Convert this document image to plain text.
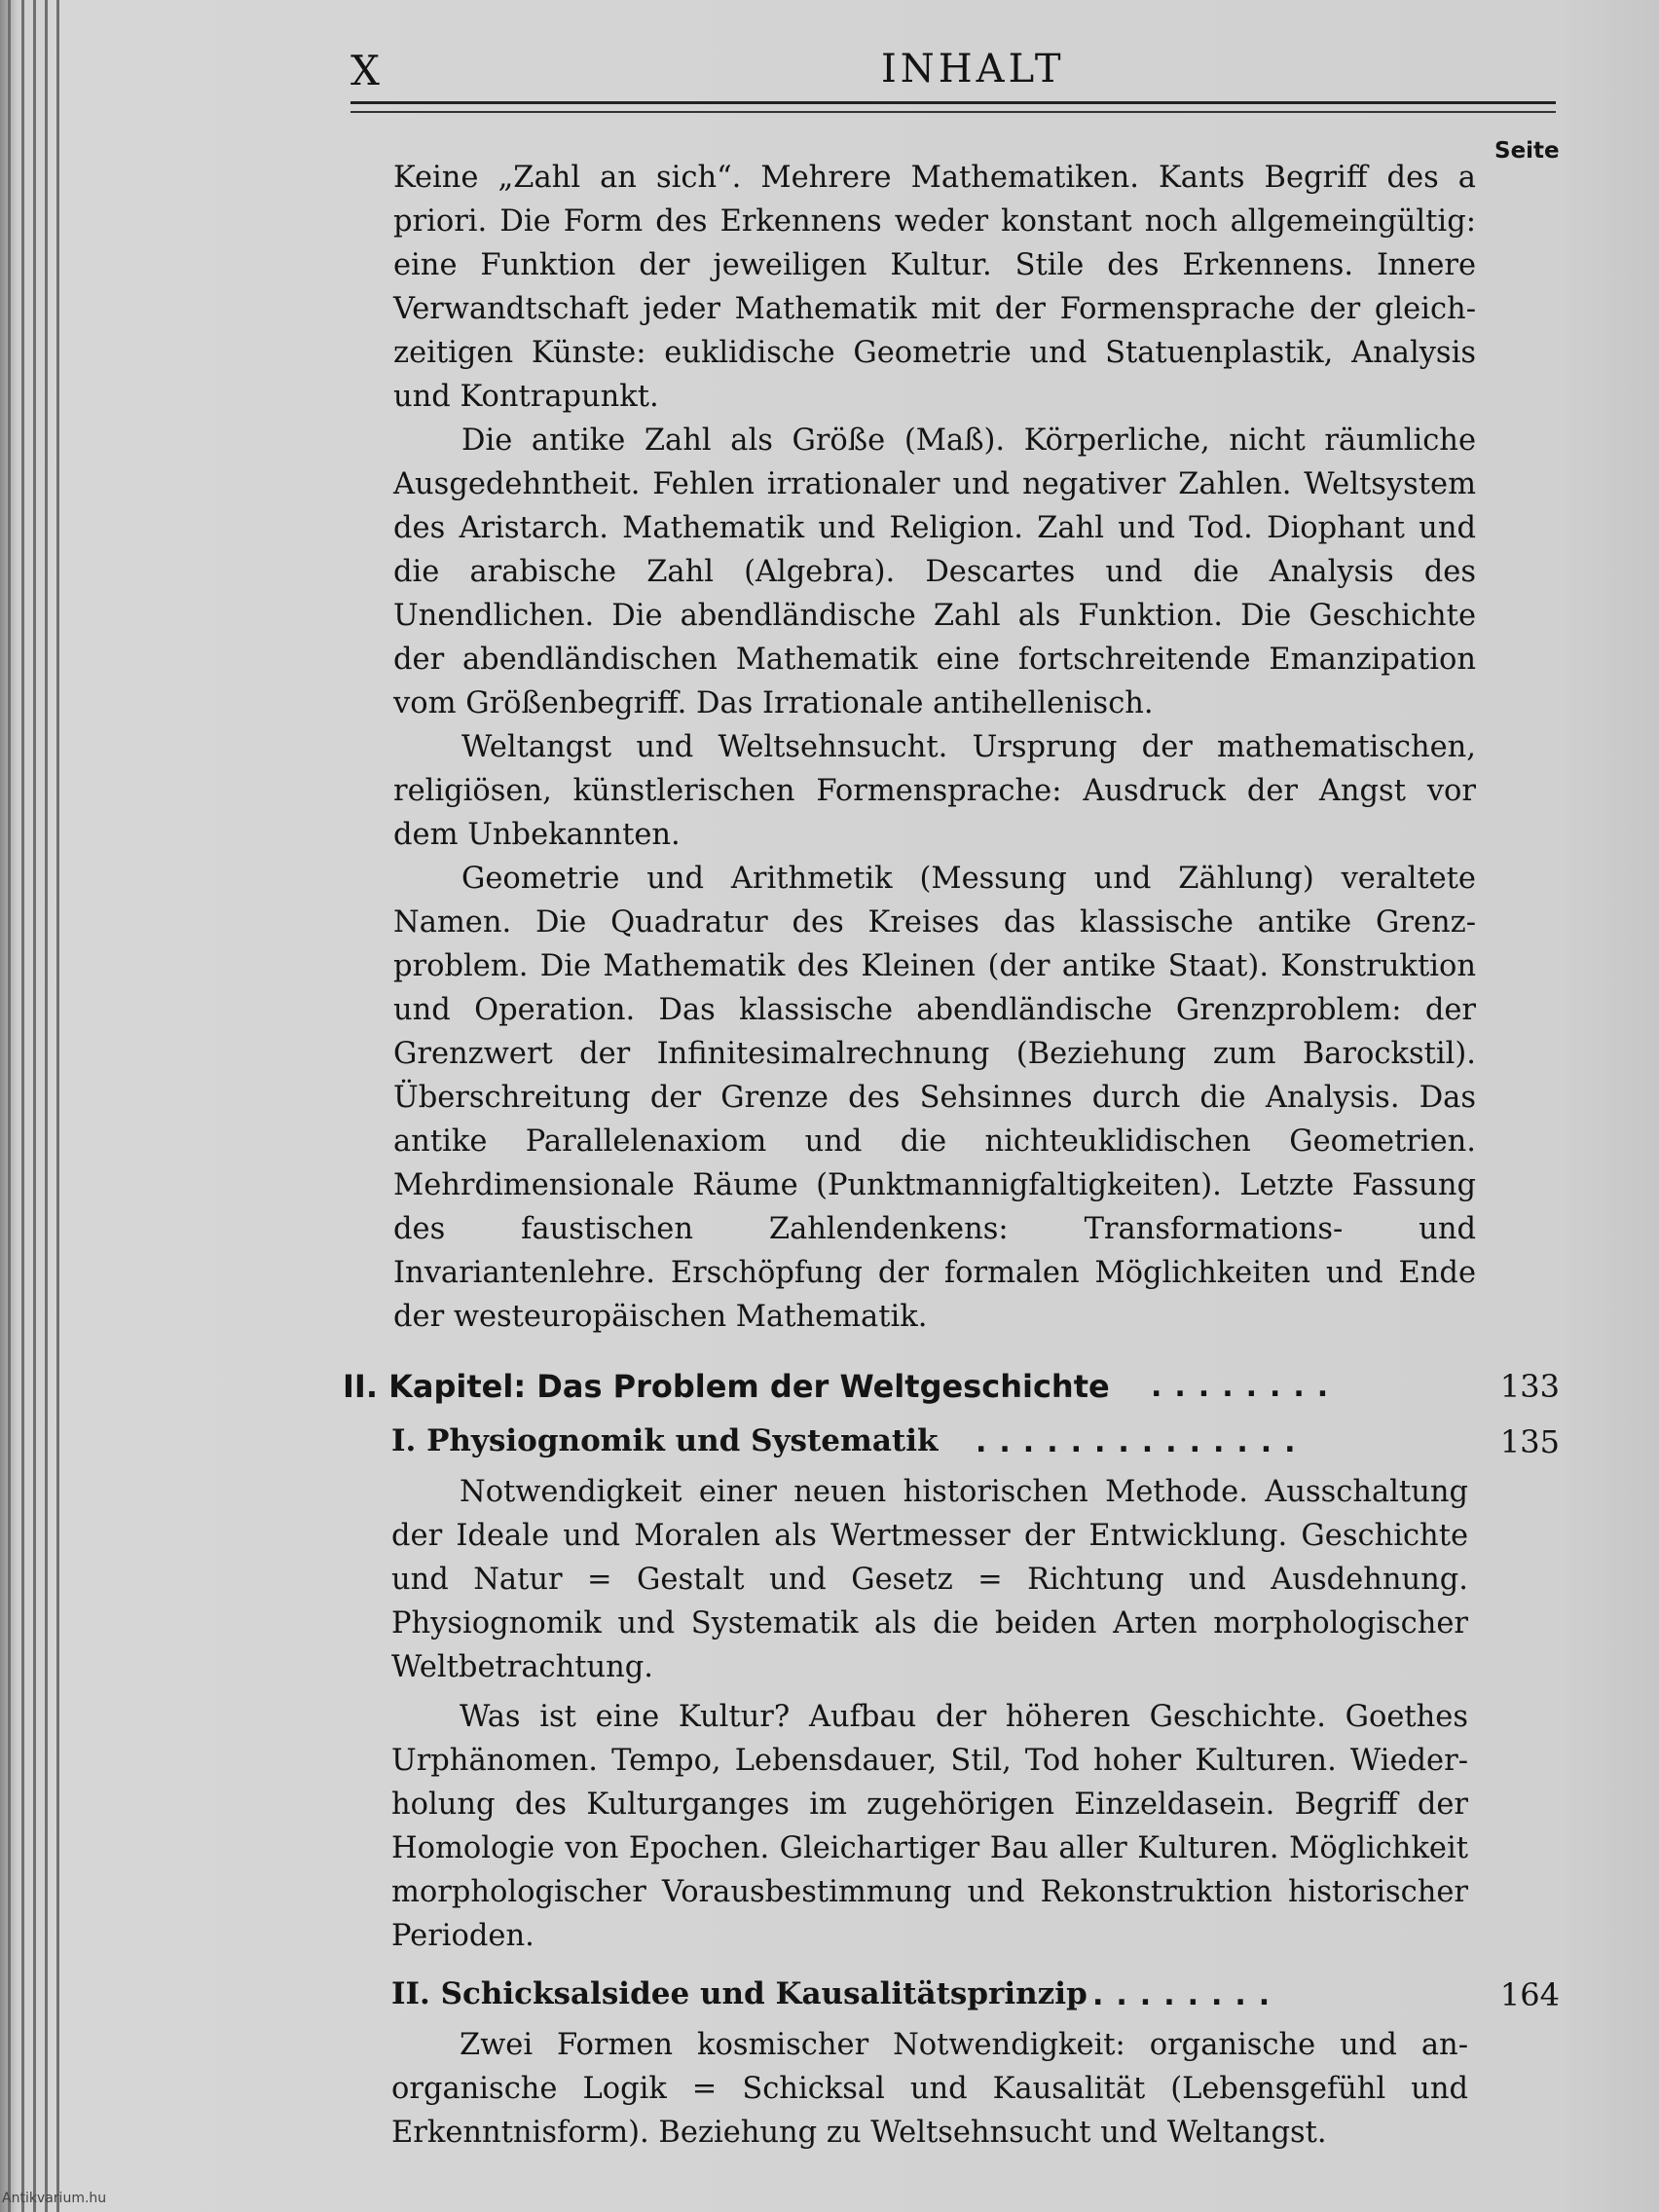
X	INHALT
Seite

Keine „Zahl an sich“. Mehrere Mathematiken. Kants Begriff des a priori. Die Form des Erkennens weder konstant noch allgemeingültig: eine Funktion der jeweiligen Kultur. Stile des Erkennens. Innere Verwandtschaft jeder Mathematik mit der Formensprache der gleichzeitigen Künste: euklidische Geometrie und Statuenplastik, Analysis und Kontrapunkt.

Die antike Zahl als Größe (Maß). Körperliche, nicht räumliche Ausgedehntheit. Fehlen irrationaler und negativer Zahlen. Weltsystem des Aristarch. Mathematik und Religion. Zahl und Tod. Diophant und die arabische Zahl (Algebra). Descartes und die Analysis des Unendlichen. Die abendländische Zahl als Funktion. Die Geschichte der abendländischen Mathematik eine fortschreitende Emanzipation vom Größenbegriff. Das Irrationale antihellenisch.

Weltangst und Weltsehnsucht. Ursprung der mathematischen, religiösen, künstlerischen Formensprache: Ausdruck der Angst vor dem Unbekannten.

Geometrie und Arithmetik (Messung und Zählung) veraltete Namen. Die Quadratur des Kreises das klassische antike Grenzproblem. Die Mathematik des Kleinen (der antike Staat). Konstruktion und Operation. Das klassische abendländische Grenzproblem: der Grenzwert der Infinitesimalrechnung (Beziehung zum Barockstil). Überschreitung der Grenze des Sehsinnes durch die Analysis. Das antike Parallelenaxiom und die nichteuklidischen Geometrien. Mehrdimensionale Räume (Punktmannigfaltigkeiten). Letzte Fassung des faustischen Zahlendenkens: Transformations- und Invariantenlehre. Erschöpfung der formalen Möglichkeiten und Ende der westeuropäischen Mathematik.

II. Kapitel: Das Problem der Weltgeschichte ........	133
I. Physiognomik und Systematik ..............	135

Notwendigkeit einer neuen historischen Methode. Ausschaltung der Ideale und Moralen als Wertmesser der Entwicklung. Geschichte und Natur = Gestalt und Gesetz = Richtung und Ausdehnung. Physiognomik und Systematik als die beiden Arten morphologischer Weltbetrachtung.

Was ist eine Kultur? Aufbau der höheren Geschichte. Goethes Urphänomen. Tempo, Lebensdauer, Stil, Tod hoher Kulturen. Wiederholung des Kulturganges im zugehörigen Einzeldasein. Begriff der Homologie von Epochen. Gleichartiger Bau aller Kulturen. Möglichkeit morphologischer Vorausbestimmung und Rekonstruktion historischer Perioden.

II. Schicksalsidee und Kausalitätsprinzip ........	164

Zwei Formen kosmischer Notwendigkeit: organische und anorganische Logik = Schicksal und Kausalität (Lebensgefühl und Erkenntnisform). Beziehung zu Weltsehnsucht und Weltangst.

Antikvarium.hu
